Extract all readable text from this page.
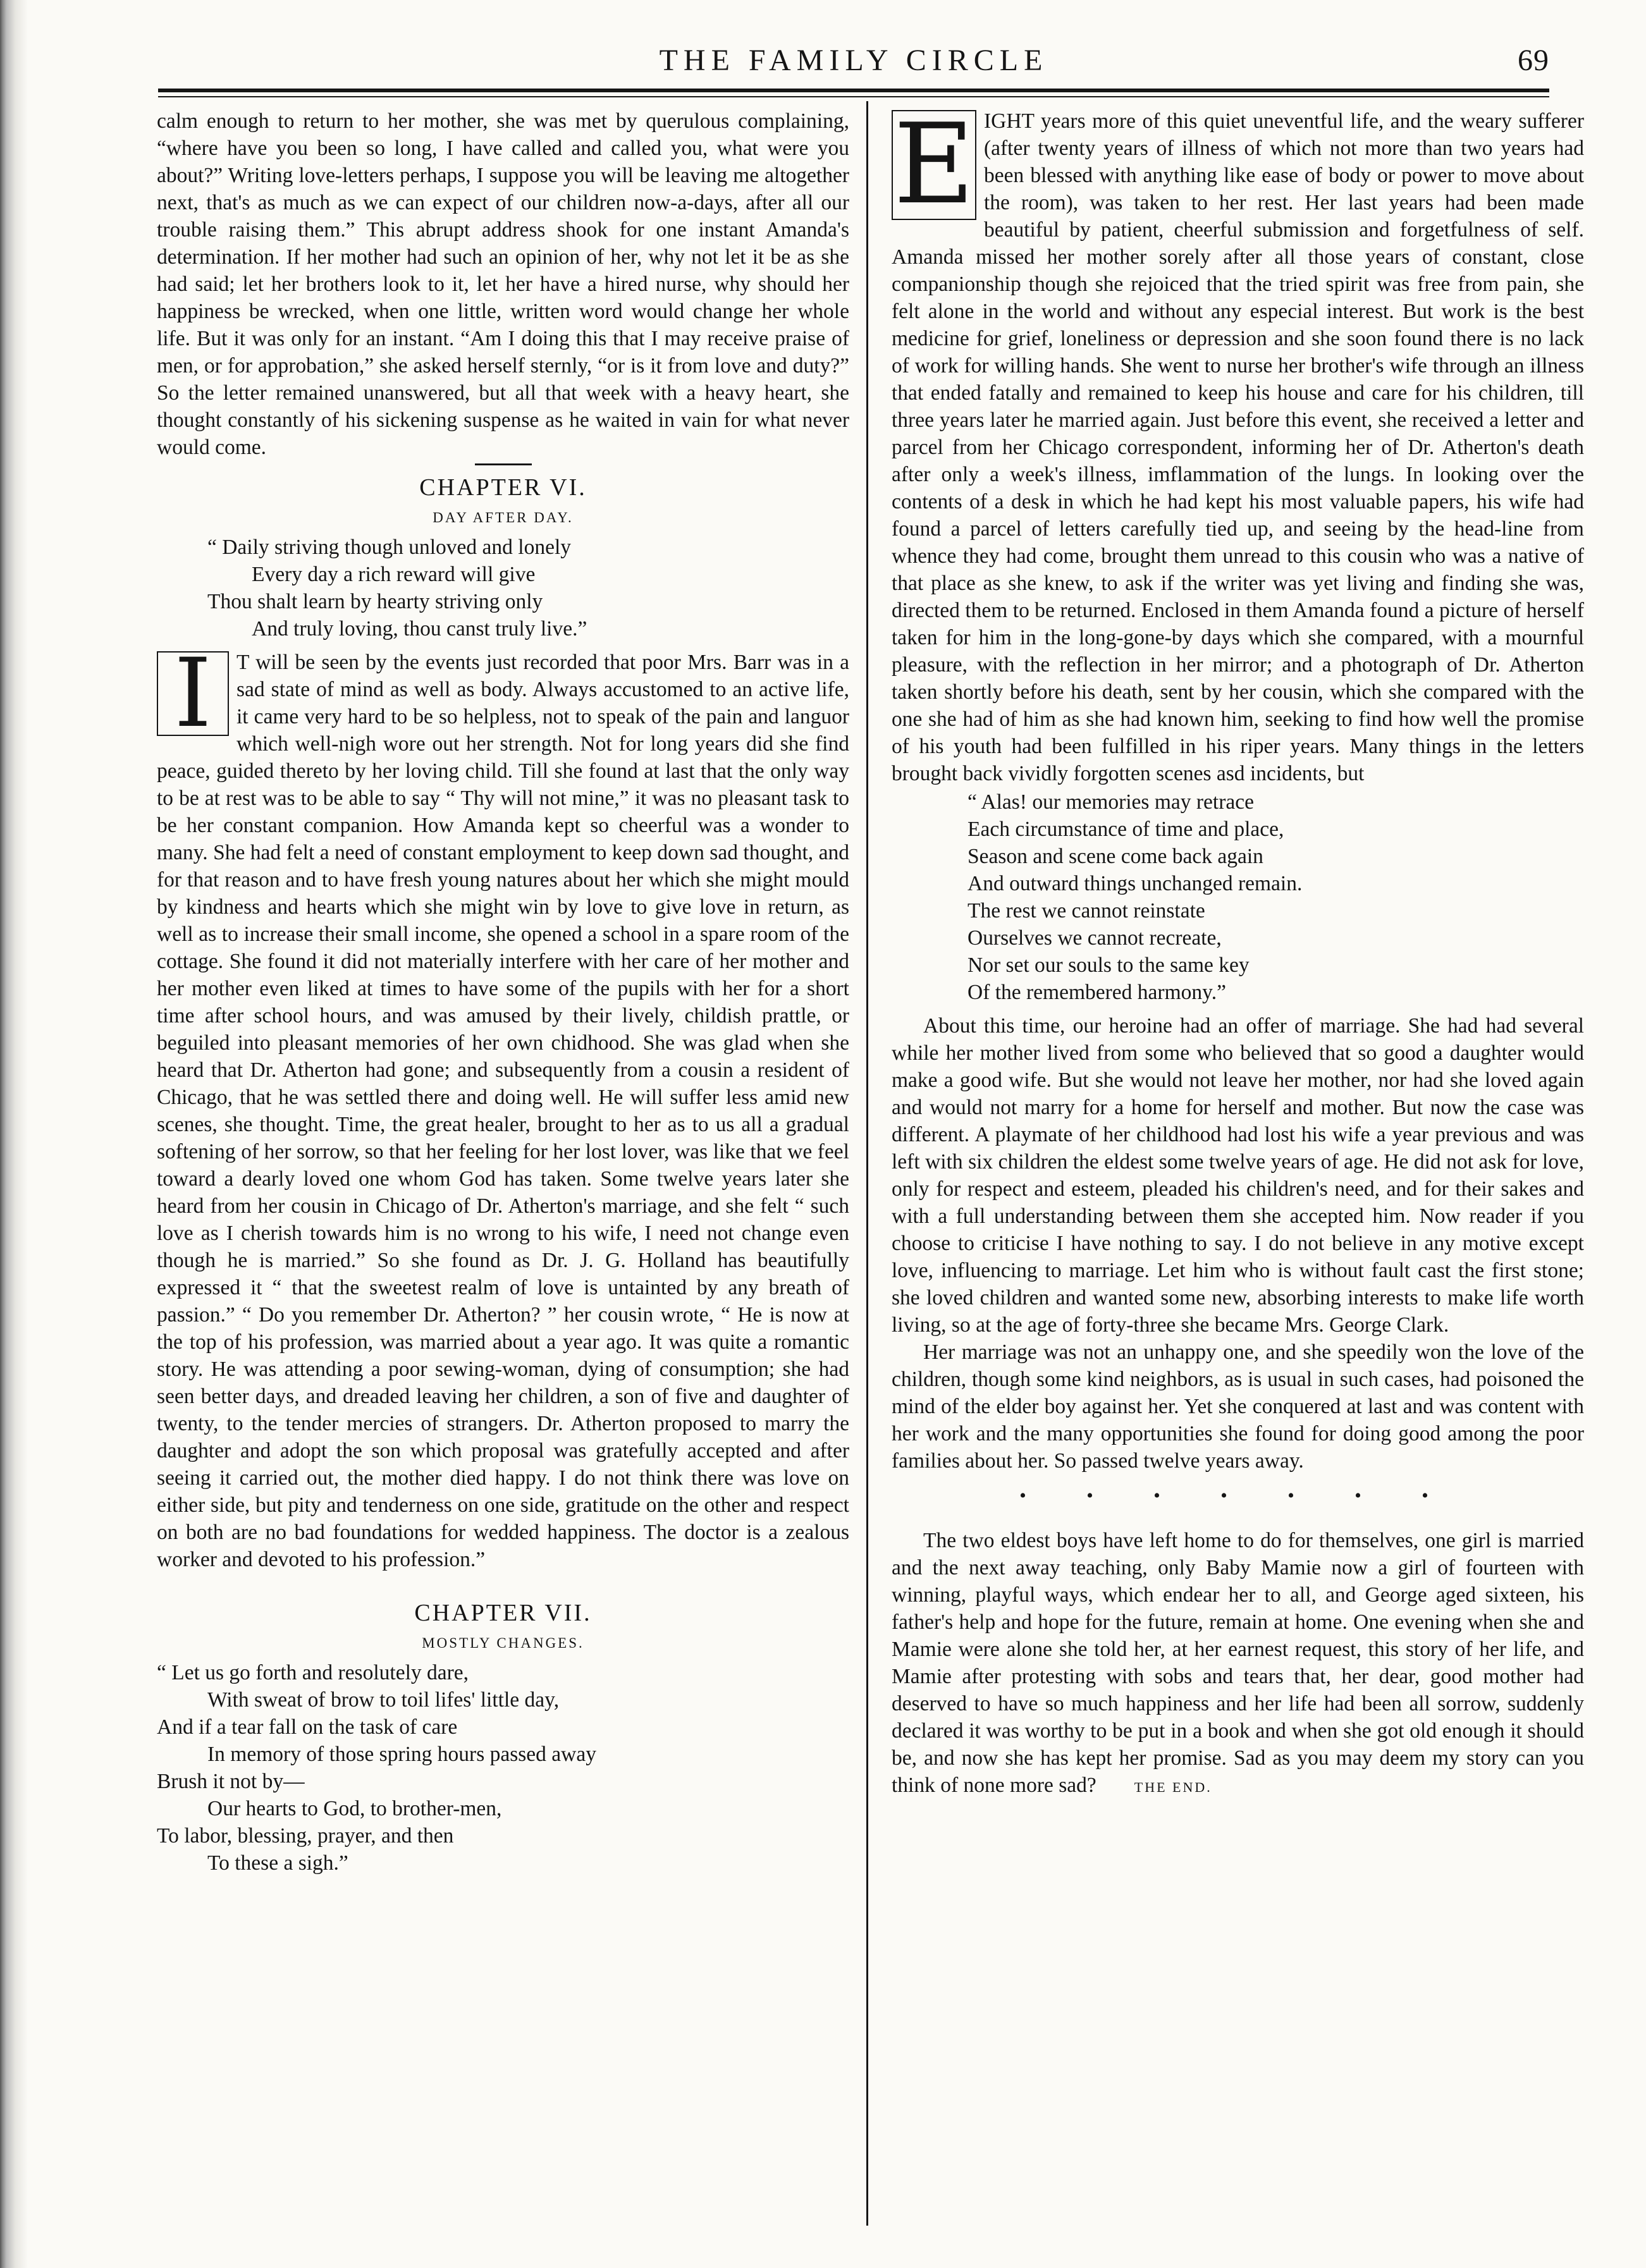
THE FAMILY CIRCLE	69

calm enough to return to her mother, she was met by querulous complaining, “where have you been so long, I have called and called you, what were you about?” Writing love-letters perhaps, I suppose you will be leaving me altogether next, that's as much as we can expect of our children now-a-days, after all our trouble raising them.” This abrupt address shook for one instant Amanda's determination. If her mother had such an opinion of her, why not let it be as she had said; let her brothers look to it, let her have a hired nurse, why should her happiness be wrecked, when one little, written word would change her whole life. But it was only for an instant. “Am I doing this that I may receive praise of men, or for approbation,” she asked herself sternly, “or is it from love and duty?” So the letter remained unanswered, but all that week with a heavy heart, she thought constantly of his sickening suspense as he waited in vain for what never would come.

CHAPTER VI.
DAY AFTER DAY.
“ Daily striving though unloved and lonely
Every day a rich reward will give
Thou shalt learn by hearty striving only
And truly loving, thou canst truly live.”

I	T will be seen by the events just recorded that poor Mrs. Barr was in a sad state of mind as well as body. Always accustomed to an active life, it came very hard to be so helpless, not to speak of the pain and languor which well-nigh wore out her strength. Not for long years did she find peace, guided thereto by her loving child. Till she found at last that the only way to be at rest was to be able to say “ Thy will not mine,” it was no pleasant task to be her constant companion. How Amanda kept so cheerful was a wonder to many. She had felt a need of constant employment to keep down sad thought, and for that reason and to have fresh young natures about her which she might mould by kindness and hearts which she might win by love to give love in return, as well as to increase their small income, she opened a school in a spare room of the cottage. She found it did not materially interfere with her care of her mother and her mother even liked at times to have some of the pupils with her for a short time after school hours, and was amused by their lively, childish prattle, or beguiled into pleasant memories of her own chidhood. She was glad when she heard that Dr. Atherton had gone; and subsequently from a cousin a resident of Chicago, that he was settled there and doing well. He will suffer less amid new scenes, she thought. Time, the great healer, brought to her as to us all a gradual softening of her sorrow, so that her feeling for her lost lover, was like that we feel toward a dearly loved one whom God has taken. Some twelve years later she heard from her cousin in Chicago of Dr. Atherton's marriage, and she felt “ such love as I cherish towards him is no wrong to his wife, I need not change even though he is married.” So she found as Dr. J. G. Holland has beautifully expressed it “ that the sweetest realm of love is untainted by any breath of passion.” “ Do you remember Dr. Atherton? ” her cousin wrote, “ He is now at the top of his profession, was married about a year ago. It was quite a romantic story. He was attending a poor sewing-woman, dying of consumption; she had seen better days, and dreaded leaving her children, a son of five and daughter of twenty, to the tender mercies of strangers. Dr. Atherton proposed to marry the daughter and adopt the son which proposal was gratefully accepted and after seeing it carried out, the mother died happy. I do not think there was love on either side, but pity and tenderness on one side, gratitude on the other and respect on both are no bad foundations for wedded happiness. The doctor is a zealous worker and devoted to his profession.”

CHAPTER VII.
MOSTLY CHANGES.
“ Let us go forth and resolutely dare,
With sweat of brow to toil lifes' little day,
And if a tear fall on the task of care
In memory of those spring hours passed away
Brush it not by—
Our hearts to God, to brother-men,
To labor, blessing, prayer, and then
To these a sigh.”

E IGHT years more of this quiet uneventful life, and the weary sufferer (after twenty years of illness of which not more than two years had been blessed with anything like ease of body or power to move about the room), was taken to her rest. Her last years had been made beautiful by patient, cheerful submission and forgetfulness of self. Amanda missed her mother sorely after all those years of constant, close companionship though she rejoiced that the tried spirit was free from pain, she felt alone in the world and without any especial interest. But work is the best medicine for grief, loneliness or depression and she soon found there is no lack of work for willing hands. She went to nurse her brother's wife through an illness that ended fatally and remained to keep his house and care for his children, till three years later he married again. Just before this event, she received a letter and parcel from her Chicago correspondent, informing her of Dr. Atherton's death after only a week's illness, imflammation of the lungs. In looking over the contents of a desk in which he had kept his most valuable papers, his wife had found a parcel of letters carefully tied up, and seeing by the head-line from whence they had come, brought them unread to this cousin who was a native of that place as she knew, to ask if the writer was yet living and finding she was, directed them to be returned. Enclosed in them Amanda found a picture of herself taken for him in the long-gone-by days which she compared, with a mournful pleasure, with the reflection in her mirror; and a photograph of Dr. Atherton taken shortly before his death, sent by her cousin, which she compared with the one she had of him as she had known him, seeking to find how well the promise of his youth had been fulfilled in his riper years. Many things in the letters brought back vividly forgotten scenes asd incidents, but

“ Alas! our memories may retrace
Each circumstance of time and place,
Season and scene come back again
And outward things unchanged remain.
The rest we cannot reinstate
Ourselves we cannot recreate,
Nor set our souls to the same key
Of the remembered harmony.”

About this time, our heroine had an offer of marriage. She had had several while her mother lived from some who believed that so good a daughter would make a good wife. But she would not leave her mother, nor had she loved again and would not marry for a home for herself and mother. But now the case was different. A playmate of her childhood had lost his wife a year previous and was left with six children the eldest some twelve years of age. He did not ask for love, only for respect and esteem, pleaded his children's need, and for their sakes and with a full understanding between them she accepted him. Now reader if you choose to criticise I have nothing to say. I do not believe in any motive except love, influencing to marriage. Let him who is without fault cast the first stone; she loved children and wanted some new, absorbing interests to make life worth living, so at the age of forty-three she became Mrs. George Clark.

Her marriage was not an unhappy one, and she speedily won the love of the children, though some kind neighbors, as is usual in such cases, had poisoned the mind of the elder boy against her. Yet she conquered at last and was content with her work and the many opportunities she found for doing good among the poor families about her. So passed twelve years away.

• • • • • • •

The two eldest boys have left home to do for themselves, one girl is married and the next away teaching, only Baby Mamie now a girl of fourteen with winning, playful ways, which endear her to all, and George aged sixteen, his father's help and hope for the future, remain at home. One evening when she and Mamie were alone she told her, at her earnest request, this story of her life, and Mamie after protesting with sobs and tears that, her dear, good mother had deserved to have so much happiness and her life had been all sorrow, suddenly declared it was worthy to be put in a book and when she got old enough it should be, and now she has kept her promise. Sad as you may deem my story can you think of none more sad?	THE END.
